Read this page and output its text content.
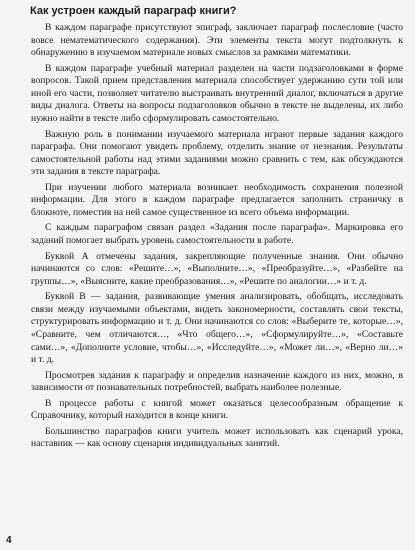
Как устроен каждый параграф книги?

В каждом параграфе присутствуют эпиграф, заключает параграф послесловие (часто вовсе нематематического содержания). Эти элементы текста могут подтолкнуть к обнаружению в изучаемом материале новых смыслов за рамками математики.

В каждом параграфе учебный материал разделен на части подзаголовками в форме вопросов. Такой прием представления материала способствует удержанию сути той или иной его части, позволяет читателю выстраивать внутренний диалог, включаться в другие виды диалога. Ответы на вопросы подзаголовков обычно в тексте не выделены, их либо нужно найти в тексте либо сформулировать самостоятельно.

Важную роль в понимании изучаемого материала играют первые задания каждого параграфа. Они помогают увидеть проблему, отделить знание от незнания. Результаты самостоятельной работы над этими заданиями можно сравнить с тем, как обсуждаются эти задания в тексте параграфа.

При изучении любого материала возникает необходимость сохранения полезной информации. Для этого в каждом параграфе предлагается заполнить страничку в блокноте, поместив на ней самое существенное из всего объема информации.

С каждым параграфом связан раздел «Задания после параграфа». Маркировка его заданий помогает выбрать уровень самостоятельности в работе.

Буквой А отмечены задания, закрепляющие полученные знания. Они обычно начинаются со слов: «Решите…», «Выполните…», «Преобразуйте…», «Разбейте на группы…», «Выясните, какие преобразования…», «Решите по аналогии…» и т. д.

Буквой В — задания, развивающие умения анализировать, обобщать, исследовать связи между изучаемыми объектами, видеть закономерности, составлять свои тексты, структурировать информацию и т. д. Они начинаются со слов: «Выберите те, которые…», «Сравните, чем отличаются…, «Что общего…», «Сформулируйте…», «Составьте сами…», «Дополните условие, чтобы…», «Исследуйте…», «Может ли…», «Верно ли…» и т. д.

Просмотрев задания к параграфу и определив назначение каждого из них, можно, в зависимости от познавательных потребностей, выбрать наиболее полезные.

В процессе работы с книгой может оказаться целесообразным обращение к Справочнику, который находится в конце книги.

Большинство параграфов книги учитель может использовать как сценарий урока, наставник — как основу сценария индивидуальных занятий.

4
